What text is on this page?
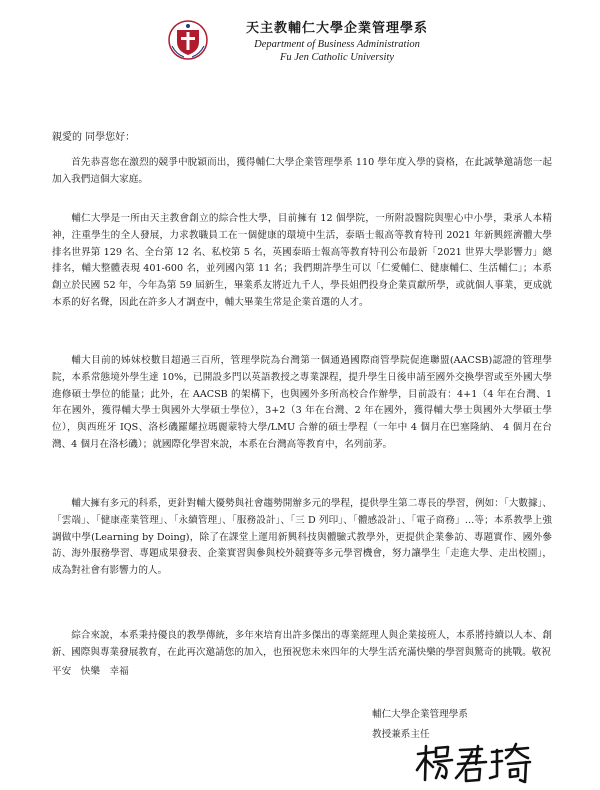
天主教輔仁大學企業管理學系
Department of Business Administration
Fu Jen Catholic University
親愛的 同學您好：

首先恭喜您在激烈的競爭中脫穎而出，獲得輔仁大學企業管理學系 110 學年度入學的資格，在此誠摯邀請您一起加入我們這個大家庭。

輔仁大學是一所由天主教會創立的綜合性大學，目前擁有 12 個學院，一所附設醫院與聖心中小學，秉承人本精神，注重學生的全人發展，力求教職員工在一個健康的環境中生活，泰晤士報高等教育特刊 2021 年新興經濟體大學排名世界第 129 名、全台第 12 名、私校第 5 名，英國泰晤士報高等教育特刊公布最新「2021 世界大學影響力」總排名，輔大整體表現 401-600 名，並列國內第 11 名；我們期許學生可以「仁愛輔仁、健康輔仁、生活輔仁」；本系創立於民國 52 年，今年為第 59 屆新生，畢業系友將近九千人，學長姐們投身企業貢獻所學，或就個人事業，更成就本系的好名聲，因此在許多人才調查中，輔大畢業生常是企業首選的人才。

輔大目前的姊妹校數目超過三百所，管理學院為台灣第一個通過國際商管學院促進聯盟(AACSB)認證的管理學院，本系常態境外學生達 10%，已開設多門以英語教授之專業課程，提升學生日後申請至國外交換學習或至外國大學進修碩士學位的能量；此外，在 AACSB 的架構下，也與國外多所高校合作辦學，目前設有：4+1（4 年在台灣、1 年在國外，獲得輔大學士與國外大學碩士學位），3+2（3 年在台灣、2 年在國外，獲得輔大學士與國外大學碩士學位），與西班牙 IQS、洛杉磯羅耀拉瑪麗蒙特大學/LMU 合辦的碩士學程（一年中 4 個月在巴塞隆納、 4 個月在台灣、4 個月在洛杉磯）；就國際化學習來說，本系在台灣高等教育中，名列前茅。

輔大擁有多元的科系，更針對輔大優勢與社會趨勢開辦多元的學程，提供學生第二專長的學習，例如：「大數據」、「雲端」、「健康產業管理」、「永續管理」、「服務設計」、「三 D 列印」、「體感設計」、「電子商務」…等；本系教學上強調做中學(Learning by Doing)，除了在課堂上運用新興科技與體驗式教學外，更提供企業參訪、專題實作、國外參訪、海外服務學習、專題成果發表、企業實習與參與校外競賽等多元學習機會，努力讓學生「走進大學、走出校園」，成為對社會有影響力的人。

綜合來說，本系秉持優良的教學傳統，多年來培育出許多傑出的專業經理人與企業接班人，本系將持續以人本、創新、國際與專業發展教育，在此再次邀請您的加入，也預祝您未來四年的大學生活充滿快樂的學習與驚奇的挑戰。敬祝

平安　快樂　幸福
輔仁大學企業管理學系
教授兼系主任
